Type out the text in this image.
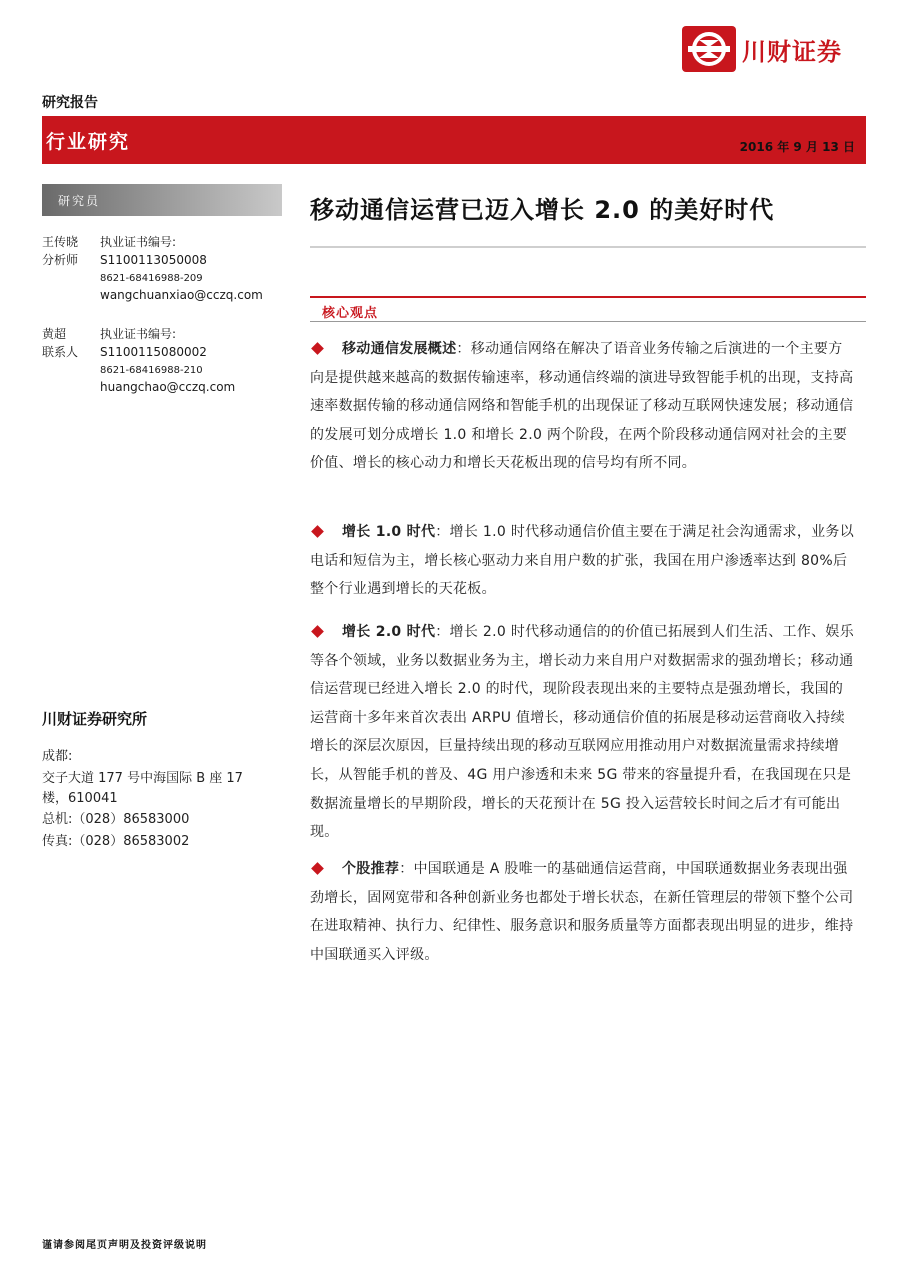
川财证券
研究报告
行业研究	2016 年 9 月 13 日
研究员
王传晓
分析师
执业证书编号:
S1100113050008
8621-68416988-209
wangchuanxiao@cczq.com
黄超
联系人
执业证书编号:
S1100115080002
8621-68416988-210
huangchao@cczq.com
移动通信运营已迈入增长 2.0 的美好时代
核心观点
移动通信发展概述：移动通信网络在解决了语音业务传输之后演进的一个主要方向是提供越来越高的数据传输速率，移动通信终端的演进导致智能手机的出现，支持高速率数据传输的移动通信网络和智能手机的出现保证了移动互联网快速发展；移动通信的发展可划分成增长 1.0 和增长 2.0 两个阶段，在两个阶段移动通信网对社会的主要价值、增长的核心动力和增长天花板出现的信号均有所不同。
增长 1.0 时代：增长 1.0 时代移动通信价值主要在于满足社会沟通需求，业务以电话和短信为主，增长核心驱动力来自用户数的扩张，我国在用户渗透率达到 80%后整个行业遇到增长的天花板。
增长 2.0 时代：增长 2.0 时代移动通信的的价值已拓展到人们生活、工作、娱乐等各个领域，业务以数据业务为主，增长动力来自用户对数据需求的强劲增长；移动通信运营现已经进入增长 2.0 的时代，现阶段表现出来的主要特点是强劲增长，我国的运营商十多年来首次表出 ARPU 值增长，移动通信价值的拓展是移动运营商收入持续增长的深层次原因，巨量持续出现的移动互联网应用推动用户对数据流量需求持续增长，从智能手机的普及、4G 用户渗透和未来 5G 带来的容量提升看，在我国现在只是数据流量增长的早期阶段，增长的天花预计在 5G 投入运营较长时间之后才有可能出现。
个股推荐：中国联通是 A 股唯一的基础通信运营商，中国联通数据业务表现出强劲增长，固网宽带和各种创新业务也都处于增长状态，在新任管理层的带领下整个公司在进取精神、执行力、纪律性、服务意识和服务质量等方面都表现出明显的进步，维持中国联通买入评级。
川财证券研究所
成都:
交子大道 177 号中海国际 B 座 17
楼，610041
总机:（028）86583000
传真:（028）86583002
谨请参阅尾页声明及投资评级说明
